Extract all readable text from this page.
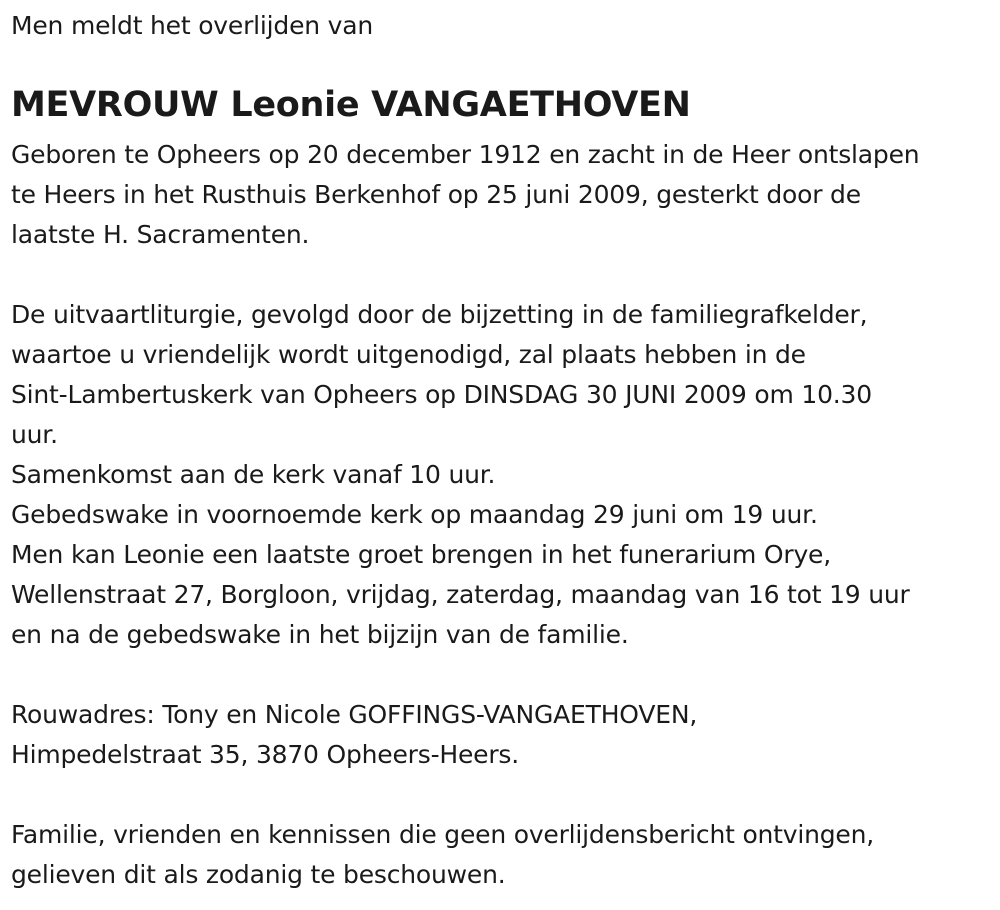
Men meldt het overlijden van
MEVROUW Leonie VANGAETHOVEN
Geboren te Opheers op 20 december 1912 en zacht in de Heer ontslapen
te Heers in het Rusthuis Berkenhof op 25 juni 2009, gesterkt door de
laatste H. Sacramenten.
De uitvaartliturgie, gevolgd door de bijzetting in de familiegrafkelder,
waartoe u vriendelijk wordt uitgenodigd, zal plaats hebben in de
Sint-Lambertuskerk van Opheers op DINSDAG 30 JUNI 2009 om 10.30
uur.
Samenkomst aan de kerk vanaf 10 uur.
Gebedswake in voornoemde kerk op maandag 29 juni om 19 uur.
Men kan Leonie een laatste groet brengen in het funerarium Orye,
Wellenstraat 27, Borgloon, vrijdag, zaterdag, maandag van 16 tot 19 uur
en na de gebedswake in het bijzijn van de familie.
Rouwadres: Tony en Nicole GOFFINGS-VANGAETHOVEN,
Himpedelstraat 35, 3870 Opheers-Heers.
Familie, vrienden en kennissen die geen overlijdensbericht ontvingen,
gelieven dit als zodanig te beschouwen.
